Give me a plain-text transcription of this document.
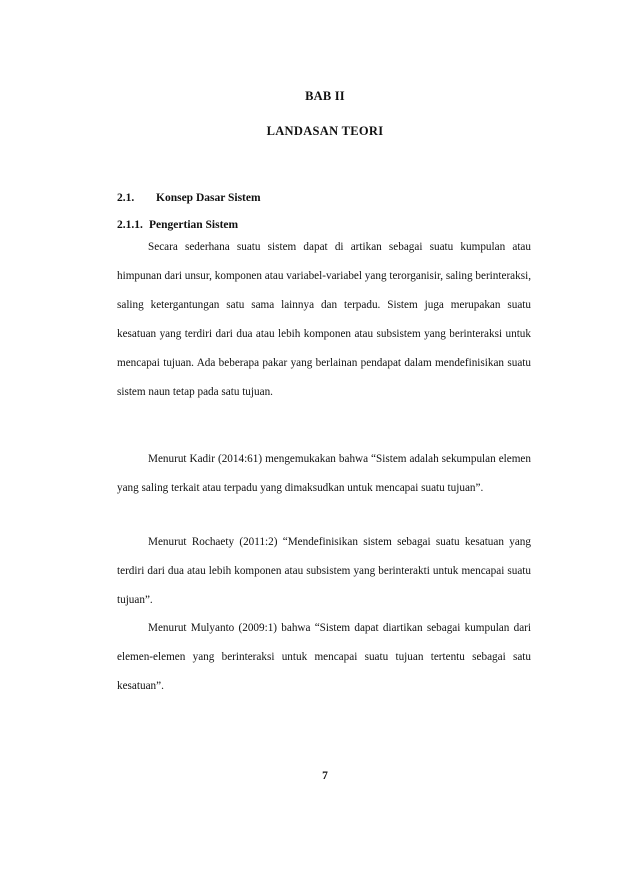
BAB II
LANDASAN TEORI
2.1. Konsep Dasar Sistem
2.1.1. Pengertian Sistem

Secara sederhana suatu sistem dapat di artikan sebagai suatu kumpulan atau himpunan dari unsur, komponen atau variabel-variabel yang terorganisir, saling berinteraksi, saling ketergantungan satu sama lainnya dan terpadu. Sistem juga merupakan suatu kesatuan yang terdiri dari dua atau lebih komponen atau subsistem yang berinteraksi untuk mencapai tujuan. Ada beberapa pakar yang berlainan pendapat dalam mendefinisikan suatu sistem naun tetap pada satu tujuan.

Menurut Kadir (2014:61) mengemukakan bahwa “Sistem adalah sekumpulan elemen yang saling terkait atau terpadu yang dimaksudkan untuk mencapai suatu tujuan”.

Menurut Rochaety (2011:2) “Mendefinisikan sistem sebagai suatu kesatuan yang terdiri dari dua atau lebih komponen atau subsistem yang berinterakti untuk mencapai suatu tujuan”.

Menurut Mulyanto (2009:1) bahwa “Sistem dapat diartikan sebagai kumpulan dari elemen-elemen yang berinteraksi untuk mencapai suatu tujuan tertentu sebagai satu kesatuan”.

7
